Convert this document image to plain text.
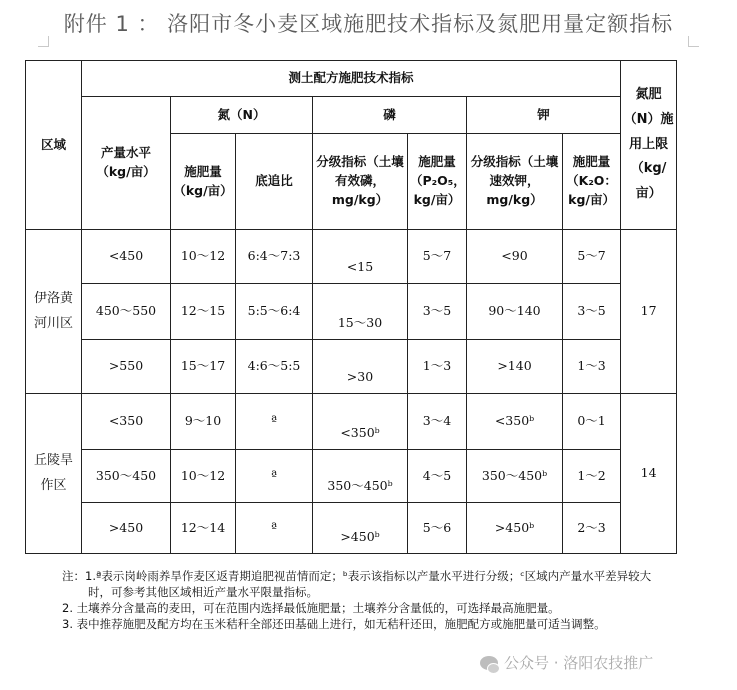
附件 1 ： 洛阳市冬小麦区域施肥技术指标及氮肥用量定额指标
区域	测土配方施肥技术指标							氮肥（N）施用上限（kg/亩）
	产量水平（kg/亩）	氮（N）		磷		钾		
		施肥量（kg/亩）	底追比	分级指标（土壤有效磷，mg/kg）	施肥量（P₂O₅，kg/亩）	分级指标（土壤速效钾，mg/kg）	施肥量（K₂O：kg/亩）	
伊洛黄河川区	<450	10～12	6:4～7:3	<15	5～7	<90	5～7	17
	450～550	12～15	5:5～6:4	15～30	3～5	90～140	3～5	
	>550	15～17	4:6～5:5	>30	1～3	>140	1～3	
丘陵旱作区	<350	9～10	ª	<350ᵇ	3～4	<350ᵇ	0～1	14
	350～450	10～12	ª	350～450ᵇ	4～5	350～450ᵇ	1～2	
	>450	12～14	ª	>450ᵇ	5～6	>450ᵇ	2～3	

注：1.ª表示岗岭雨养旱作麦区返青期追肥视苗情而定；ᵇ表示该指标以产量水平进行分级；ᶜ区域内产量水平差异较大时，可参考其他区域相近产量水平限量指标。

2. 土壤养分含量高的麦田，可在范围内选择最低施肥量；土壤养分含量低的，可选择最高施肥量。

3. 表中推荐施肥及配方均在玉米秸秆全部还田基础上进行，如无秸秆还田，施肥配方或施肥量可适当调整。

公众号 · 洛阳农技推广
